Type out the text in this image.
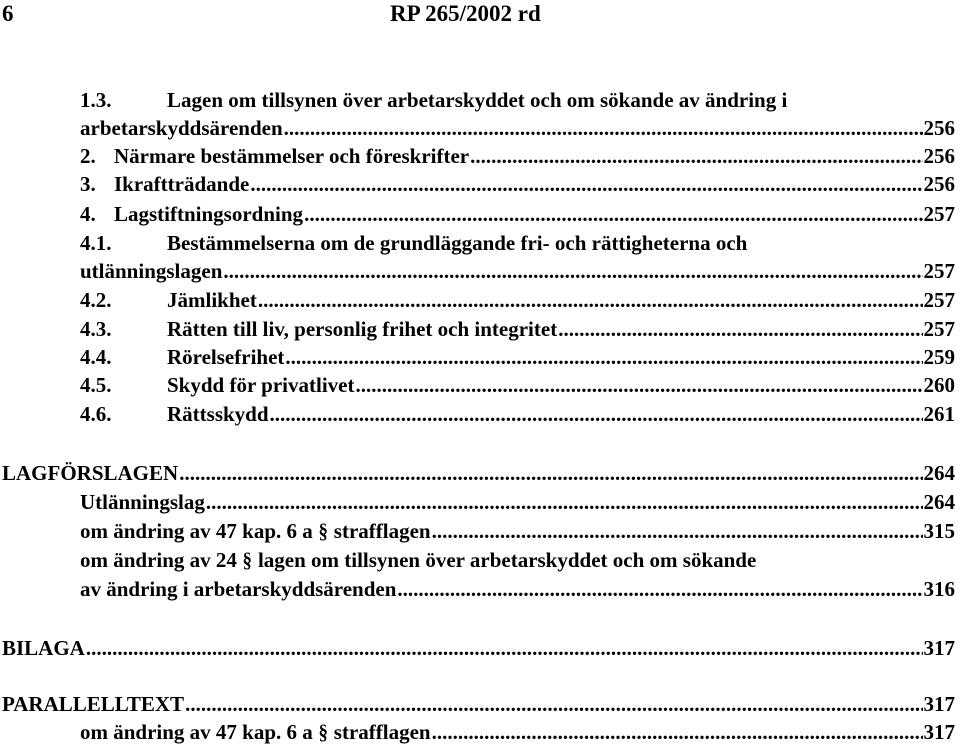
6	RP 265/2002 rd
1.3.	Lagen om tillsynen över arbetarskyddet och om sökande av ändring i
arbetarskyddsärenden .....	256
2. Närmare bestämmelser och föreskrifter .....	256
3. Ikraftträdande .....	256
4. Lagstiftningsordning .....	257
4.1.	Bestämmelserna om de grundläggande fri- och rättigheterna och
utlänningslagen .....	257
4.2.	Jämlikhet .....	257
4.3.	Rätten till liv, personlig frihet och integritet .....	257
4.4.	Rörelsefrihet .....	259
4.5.	Skydd för privatlivet .....	260
4.6.	Rättsskydd .....	261
LAGFÖRSLAGEN .....	264
Utlänningslag .....	264
om ändring av 47 kap. 6 a
§
strafflagen .....	315
om ändring av 24 § lagen om tillsynen över arbetarskyddet och om sökande
av ändring i arbetarskyddsärenden .....	316
BILAGA .....	317
PARALLELLTEXT .....	317
om ändring av 47 kap. 6 a
§
strafflagen .....	317
